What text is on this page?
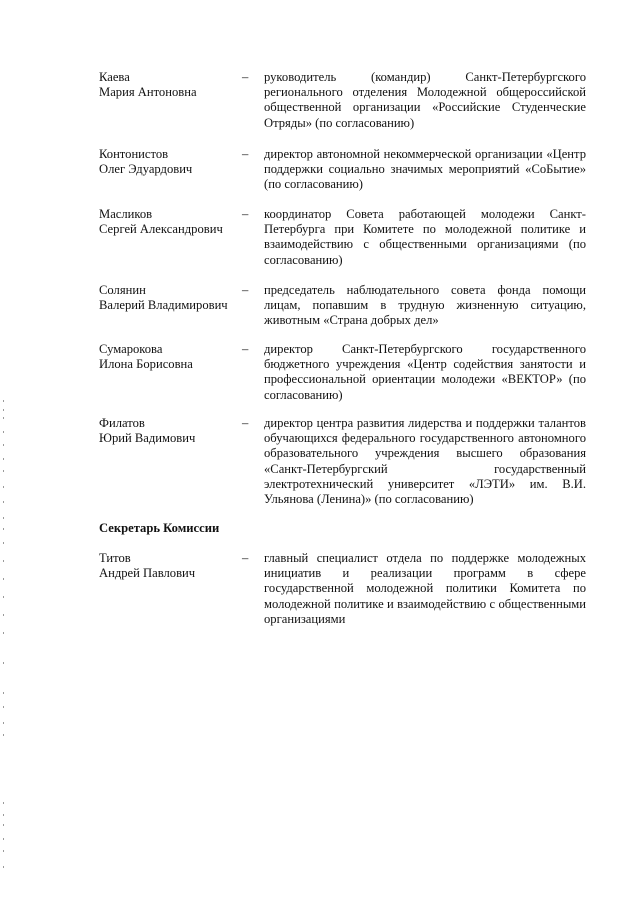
Каева
Мария Антоновна
– руководитель (командир) Санкт-Петербургского регионального отделения Молодежной общероссийской общественной организации «Российские Студенческие Отряды» (по согласованию)
Контонистов
Олег Эдуардович
– директор автономной некоммерческой организации «Центр поддержки социально значимых мероприятий «СоБытие» (по согласованию)
Масликов
Сергей Александрович
– координатор Совета работающей молодежи Санкт-Петербурга при Комитете по молодежной политике и взаимодействию с общественными организациями (по согласованию)
Солянин
Валерий Владимирович
– председатель наблюдательного совета фонда помощи лицам, попавшим в трудную жизненную ситуацию, животным «Страна добрых дел»
Сумарокова
Илона Борисовна
– директор Санкт-Петербургского государственного бюджетного учреждения «Центр содействия занятости и профессиональной ориентации молодежи «ВЕКТОР» (по согласованию)
Филатов
Юрий Вадимович
– директор центра развития лидерства и поддержки талантов обучающихся федерального государственного автономного образовательного учреждения высшего образования «Санкт-Петербургский государственный электротехнический университет «ЛЭТИ» им. В.И. Ульянова (Ленина)» (по согласованию)
Секретарь Комиссии
Титов
Андрей Павлович
– главный специалист отдела по поддержке молодежных инициатив и реализации программ в сфере государственной молодежной политики Комитета по молодежной политике и взаимодействию с общественными организациями
